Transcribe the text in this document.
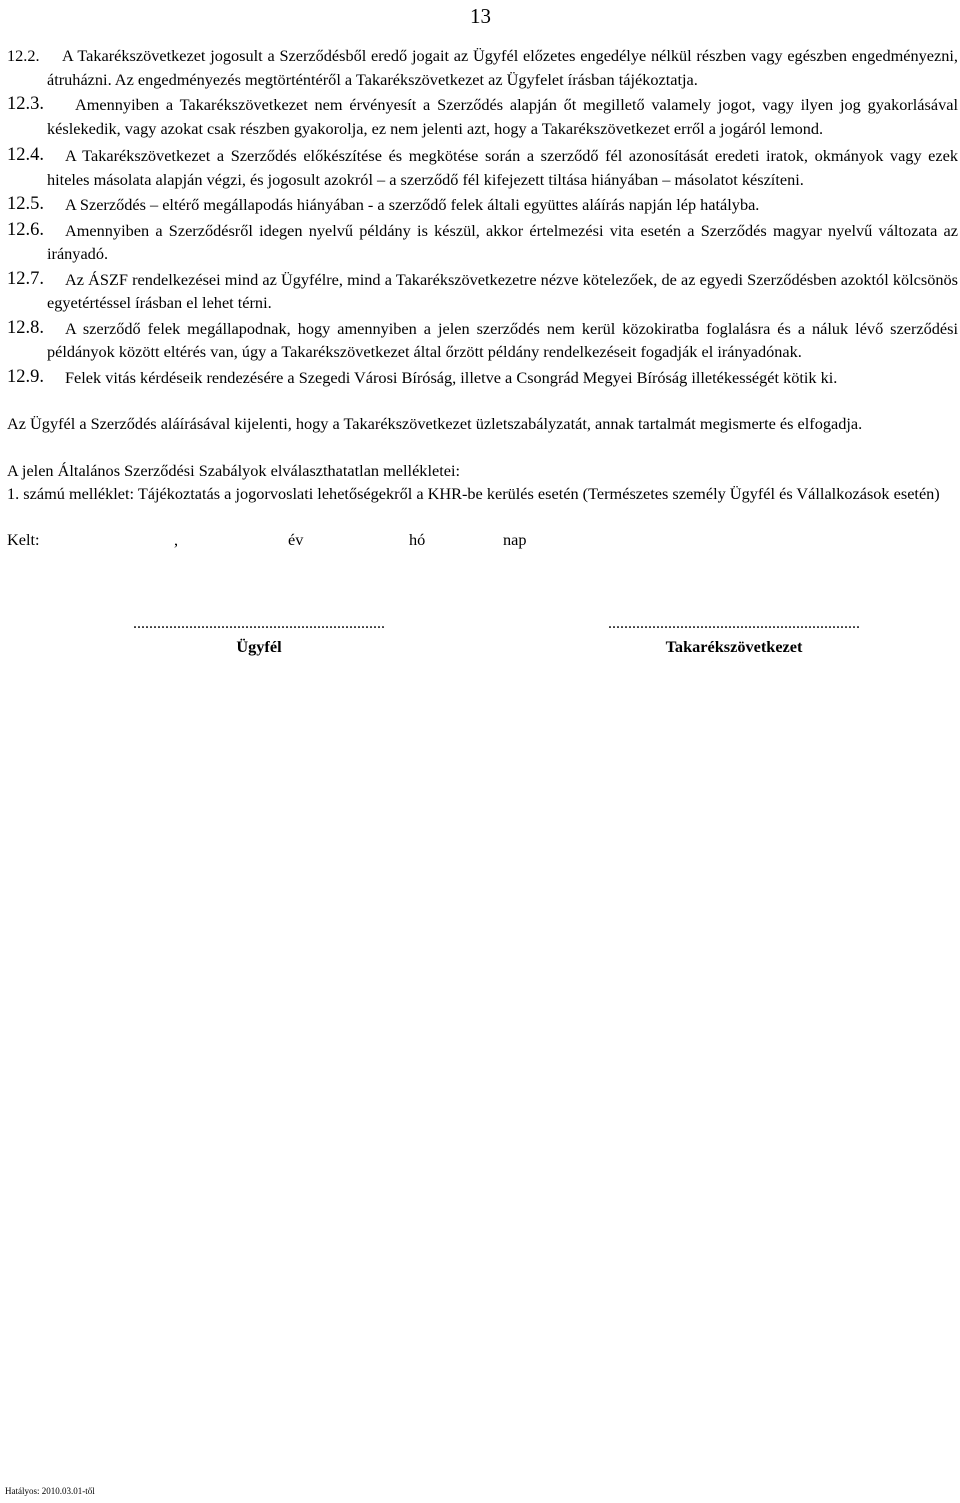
13
12.2.	A Takarékszövetkezet jogosult a Szerződésből eredő jogait az Ügyfél előzetes engedélye nélkül részben vagy egészben engedményezni, átruházni. Az engedményezés megtörténtéről a Takarékszövetkezet az Ügyfelet írásban tájékoztatja.
12.3.	Amennyiben a Takarékszövetkezet nem érvényesít a Szerződés alapján őt megillető valamely jogot, vagy ilyen jog gyakorlásával késlekedik, vagy azokat csak részben gyakorolja, ez nem jelenti azt, hogy a Takarékszövetkezet erről a jogáról lemond.
12.4.	A Takarékszövetkezet a Szerződés előkészítése és megkötése során a szerződő fél azonosítását eredeti iratok, okmányok vagy ezek hiteles másolata alapján végzi, és jogosult azokról – a szerződő fél kifejezett tiltása hiányában – másolatot készíteni.
12.5.	A Szerződés – eltérő megállapodás hiányában - a szerződő felek általi együttes aláírás napján lép hatályba.
12.6.	Amennyiben a Szerződésről idegen nyelvű példány is készül, akkor értelmezési vita esetén a Szerződés magyar nyelvű változata az irányadó.
12.7.	Az ÁSZF rendelkezései mind az Ügyfélre, mind a Takarékszövetkezetre nézve kötelezőek, de az egyedi Szerződésben azoktól kölcsönös egyetértéssel írásban el lehet térni.
12.8.	A szerződő felek megállapodnak, hogy amennyiben a jelen szerződés nem kerül közokiratba foglalásra és a náluk lévő szerződési példányok között eltérés van, úgy a Takarékszövetkezet által őrzött példány rendelkezéseit fogadják el irányadónak.
12.9.	Felek vitás kérdéseik rendezésére a Szegedi Városi Bíróság, illetve a Csongrád Megyei Bíróság illetékességét kötik ki.

Az Ügyfél a Szerződés aláírásával kijelenti, hogy a Takarékszövetkezet üzletszabályzatát, annak tartalmát megismerte és elfogadja.

A jelen Általános Szerződési Szabályok elválaszthatatlan mellékletei:

1. számú melléklet: Tájékoztatás a jogorvoslati lehetőségekről a KHR-be kerülés esetén (Természetes személy Ügyfél és Vállalkozások esetén)

Kelt:	,	év	hó	nap
...............................................................
Ügyfél
...............................................................
Takarékszövetkezet
Hatályos: 2010.03.01-től
